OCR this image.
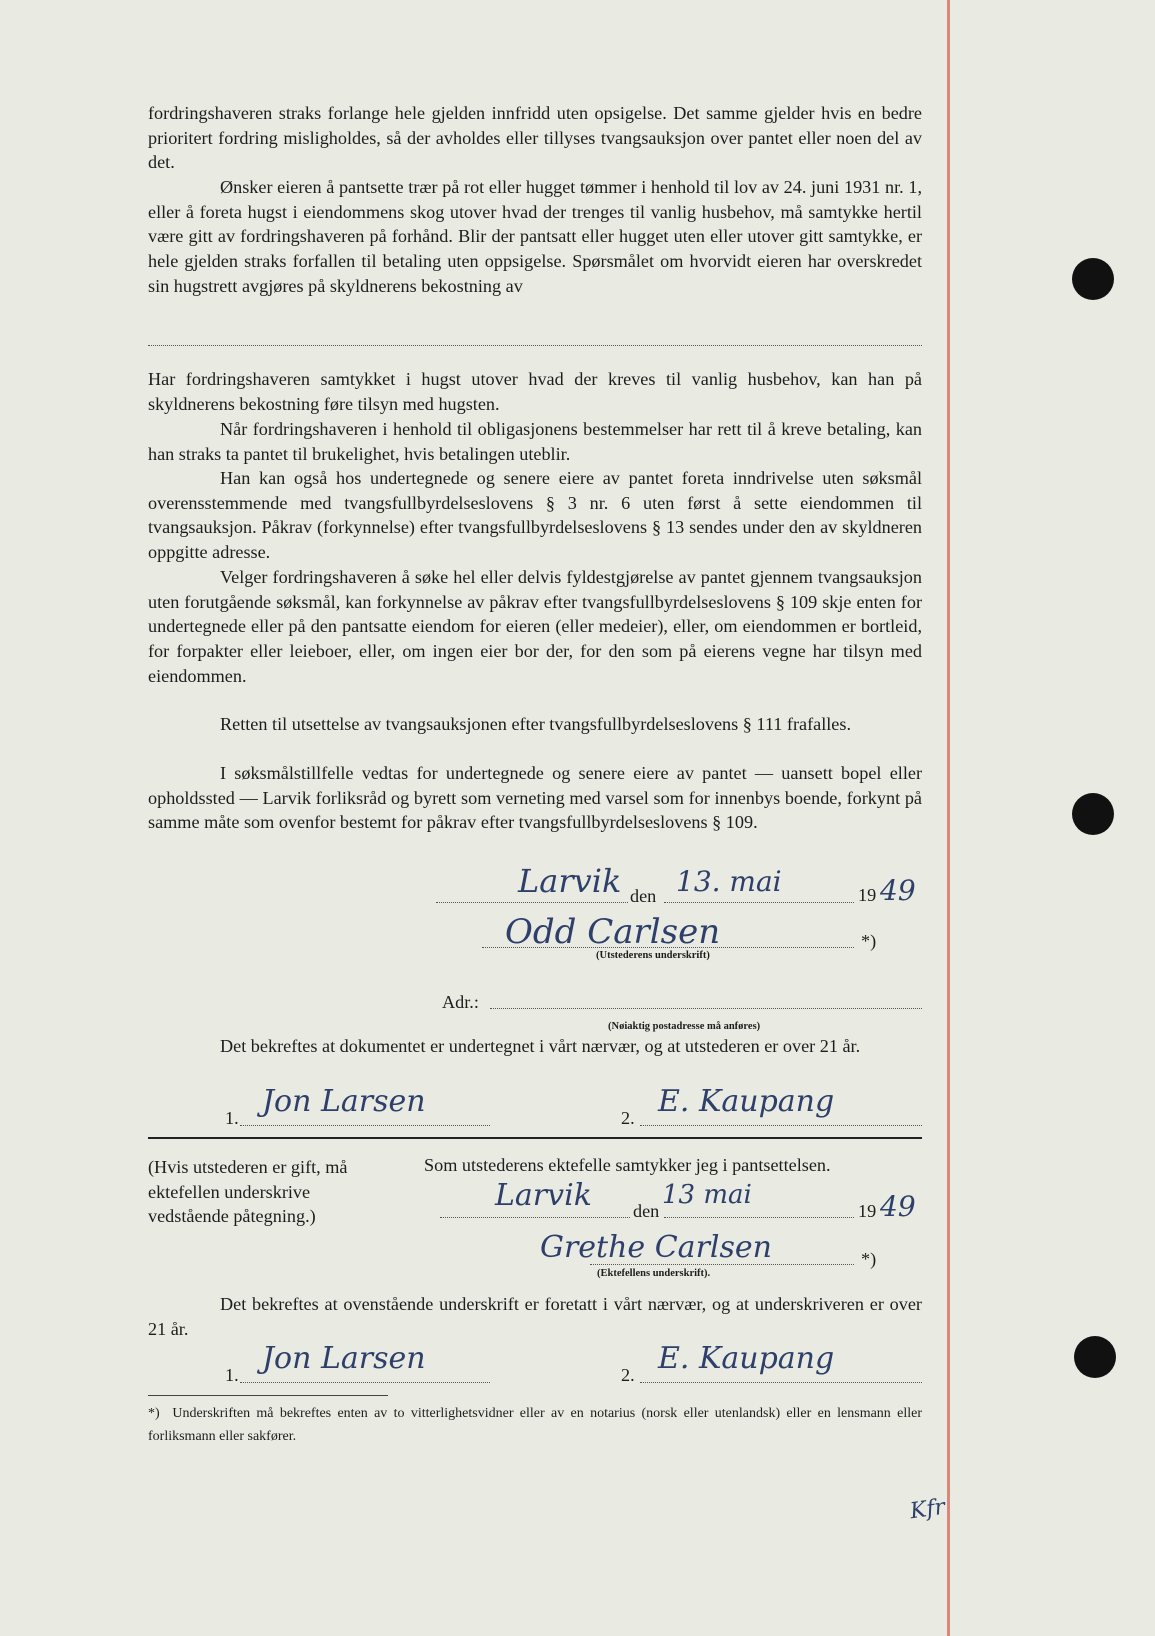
fordringshaveren straks forlange hele gjelden innfridd uten opsigelse. Det samme gjelder hvis en bedre prioritert fordring misligholdes, så der avholdes eller tillyses tvangsauksjon over pantet eller noen del av det.

Ønsker eieren å pantsette trær på rot eller hugget tømmer i henhold til lov av 24. juni 1931 nr. 1, eller å foreta hugst i eiendommens skog utover hvad der trenges til vanlig husbehov, må samtykke hertil være gitt av fordringshaveren på forhånd. Blir der pantsatt eller hugget uten eller utover gitt samtykke, er hele gjelden straks forfallen til betaling uten oppsigelse. Spørsmålet om hvorvidt eieren har overskredet sin hugstrett avgjøres på skyldnerens bekostning av

Har fordringshaveren samtykket i hugst utover hvad der kreves til vanlig husbehov, kan han på skyldnerens bekostning føre tilsyn med hugsten.

Når fordringshaveren i henhold til obligasjonens bestemmelser har rett til å kreve betaling, kan han straks ta pantet til brukelighet, hvis betalingen uteblir.

Han kan også hos undertegnede og senere eiere av pantet foreta inndrivelse uten søksmål overensstemmende med tvangsfullbyrdelseslovens § 3 nr. 6 uten først å sette eiendommen til tvangsauksjon. Påkrav (forkynnelse) efter tvangsfullbyrdelseslovens § 13 sendes under den av skyldneren oppgitte adresse.

Velger fordringshaveren å søke hel eller delvis fyldestgjørelse av pantet gjennem tvangsauksjon uten forutgående søksmål, kan forkynnelse av påkrav efter tvangsfullbyrdelseslovens § 109 skje enten for undertegnede eller på den pantsatte eiendom for eieren (eller medeier), eller, om eiendommen er bortleid, for forpakter eller leieboer, eller, om ingen eier bor der, for den som på eierens vegne har tilsyn med eiendommen.

Retten til utsettelse av tvangsauksjonen efter tvangsfullbyrdelseslovens § 111 frafalles.

I søksmålstillfelle vedtas for undertegnede og senere eiere av pantet — uansett bopel eller opholdssted — Larvik forliksråd og byrett som verneting med varsel som for innenbys boende, forkynt på samme måte som ovenfor bestemt for påkrav efter tvangsfullbyrdelseslovens § 109.

Larvik den 13. mai	19 49
Odd Carlsen	*)
(Utstederens underskrift)
Adr.:
(Nøiaktig postadresse må anføres)

Det bekreftes at dokumentet er undertegnet i vårt nærvær, og at utstederen er over 21 år.

1. Jon Larsen	2. E. Kaupang

(Hvis utstederen er gift, må ektefellen underskrive vedstående påtegning.)

Som utstederens ektefelle samtykker jeg i pantsettelsen.
Larvik den
13 mai
19 49
Grethe Carlsen	*)
(Ektefellens underskrift).

Det bekreftes at ovenstående underskrift er foretatt i vårt nærvær, og at underskriveren er over 21 år.

1. Jon Larsen	2. E. Kaupang

*) Underskriften må bekreftes enten av to vitterlighetsvidner eller av en notarius (norsk eller utenlandsk) eller en lensmann eller forliksmann eller sakfører.

Kfr
